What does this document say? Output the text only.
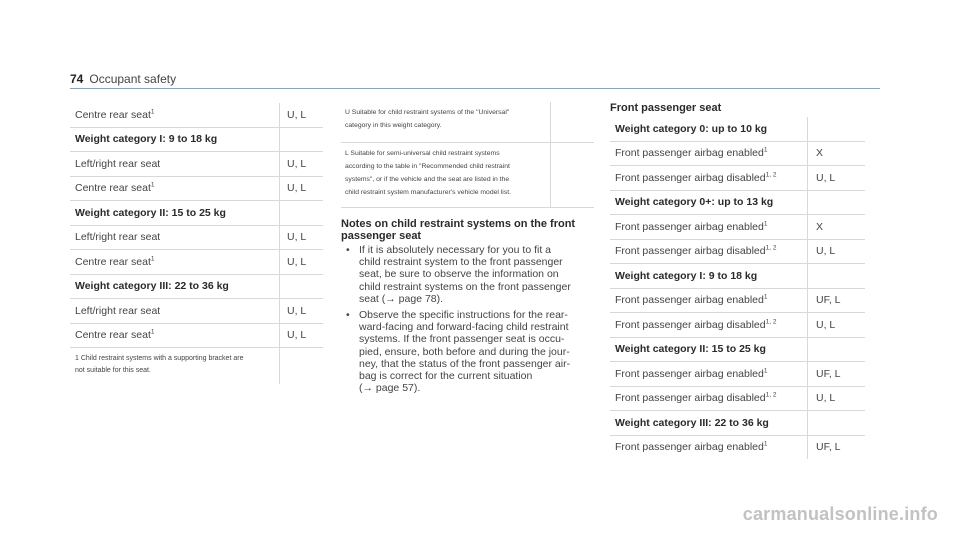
74 Occupant safety
Centre rear seat$^1$	U, L
Weight category I: 9 to 18 kg
Left/right rear seat	U, L
Centre rear seat$^1$	U, L
Weight category II: 15 to 25 kg
Left/right rear seat	U, L
Centre rear seat$^1$	U, L
Weight category III: 22 to 36 kg
Left/right rear seat	U, L
Centre rear seat$^1$	U, L
1 Child restraint systems with a supporting bracket are
not suitable for this seat.
U Suitable for child restraint systems of the "Universal"
category in this weight category.
L Suitable for semi-universal child restraint systems
according to the table in "Recommended child restraint
systems", or if the vehicle and the seat are listed in the
child restraint system manufacturer's vehicle model list.
Notes on child restraint systems on the front
passenger seat
• If it is absolutely necessary for you to fit a
child restraint system to the front passenger
seat, be sure to observe the information on
child restraint systems on the front passenger
seat (→ page 78).
• Observe the specific instructions for the rear-
ward-facing and forward-facing child restraint
systems. If the front passenger seat is occu-
pied, ensure, both before and during the jour-
ney, that the status of the front passenger air-
bag is correct for the current situation
(→ page 57).
Front passenger seat
Weight category 0: up to 10 kg
Front passenger airbag enabled$^1$	X
Front passenger airbag disabled$^{1, 2}$	U, L
Weight category 0+: up to 13 kg
Front passenger airbag enabled$^1$	X
Front passenger airbag disabled$^{1, 2}$	U, L
Weight category I: 9 to 18 kg
Front passenger airbag enabled$^1$	UF, L
Front passenger airbag disabled$^{1, 2}$	U, L
Weight category II: 15 to 25 kg
Front passenger airbag enabled$^1$	UF, L
Front passenger airbag disabled$^{1, 2}$	U, L
Weight category III: 22 to 36 kg
Front passenger airbag enabled$^1$	UF, L
carmanualsonline.info
